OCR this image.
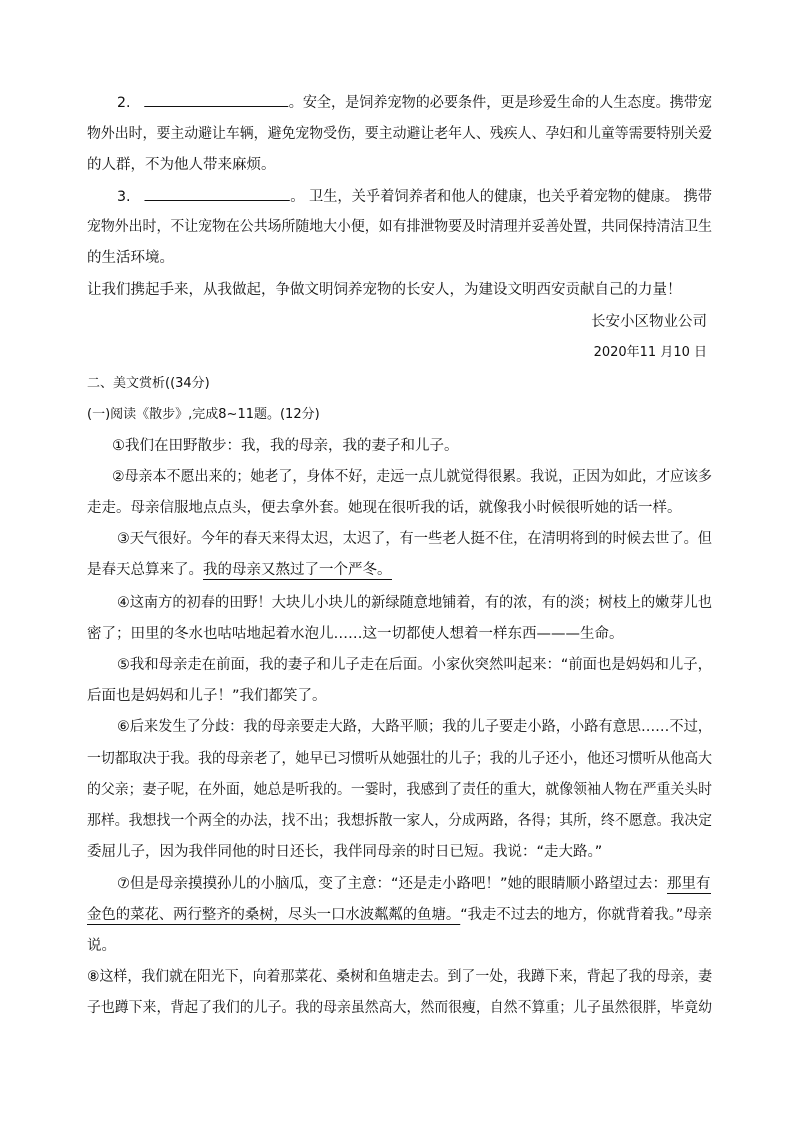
2.	。安全，是饲养宠物的必要条件，更是珍爱生命的人生态度。携带宠
物外出时，要主动避让车辆，避免宠物受伤，要主动避让老年人、残疾人、孕妇和儿童等需要特别关爱
的人群，不为他人带来麻烦。
3.	。 卫生，关乎着饲养者和他人的健康，也关乎着宠物的健康。 携带
宠物外出时，不让宠物在公共场所随地大小便，如有排泄物要及时清理并妥善处置，共同保持清洁卫生
的生活环境。
让我们携起手来，从我做起，争做文明饲养宠物的长安人，为建设文明西安贡献自己的力量！
长安小区物业公司
2020年11 月10 日
二、美文赏析((34分)
(一)阅读《散步》,完成8~11题。(12分)
①我们在田野散步：我，我的母亲，我的妻子和儿子。
②母亲本不愿出来的；她老了，身体不好，走远一点儿就觉得很累。我说，正因为如此，才应该多
走走。母亲信服地点点头，便去拿外套。她现在很听我的话，就像我小时候很听她的话一样。
③天气很好。今年的春天来得太迟，太迟了，有一些老人挺不住，在清明将到的时候去世了。但
是春天总算来了。我的母亲又熬过了一个严冬。
④这南方的初春的田野！大块儿小块儿的新绿随意地铺着，有的浓，有的淡；树枝上的嫩芽儿也
密了；田里的冬水也咕咕地起着水泡儿……这一切都使人想着一样东西———生命。
⑤我和母亲走在前面，我的妻子和儿子走在后面。小家伙突然叫起来：“前面也是妈妈和儿子，
后面也是妈妈和儿子！”我们都笑了。
⑥后来发生了分歧：我的母亲要走大路，大路平顺；我的儿子要走小路，小路有意思……不过，
一切都取决于我。我的母亲老了，她早已习惯听从她强壮的儿子；我的儿子还小，他还习惯听从他高大
的父亲；妻子呢，在外面，她总是听我的。一霎时，我感到了责任的重大，就像领袖人物在严重关头时
那样。我想找一个两全的办法，找不出；我想拆散一家人，分成两路，各得；其所，终不愿意。我决定
委屈儿子，因为我伴同他的时日还长，我伴同母亲的时日已短。我说：“走大路。”
⑦但是母亲摸摸孙儿的小脑瓜，变了主意：“还是走小路吧！”她的眼睛顺小路望过去：那里有
金色的菜花、两行整齐的桑树，尽头一口水波粼粼的鱼塘。“我走不过去的地方，你就背着我。”母亲
说。
⑧这样，我们就在阳光下，向着那菜花、桑树和鱼塘走去。到了一处，我蹲下来，背起了我的母亲，妻
子也蹲下来，背起了我们的儿子。我的母亲虽然高大，然而很瘦，自然不算重；儿子虽然很胖，毕竟幼
